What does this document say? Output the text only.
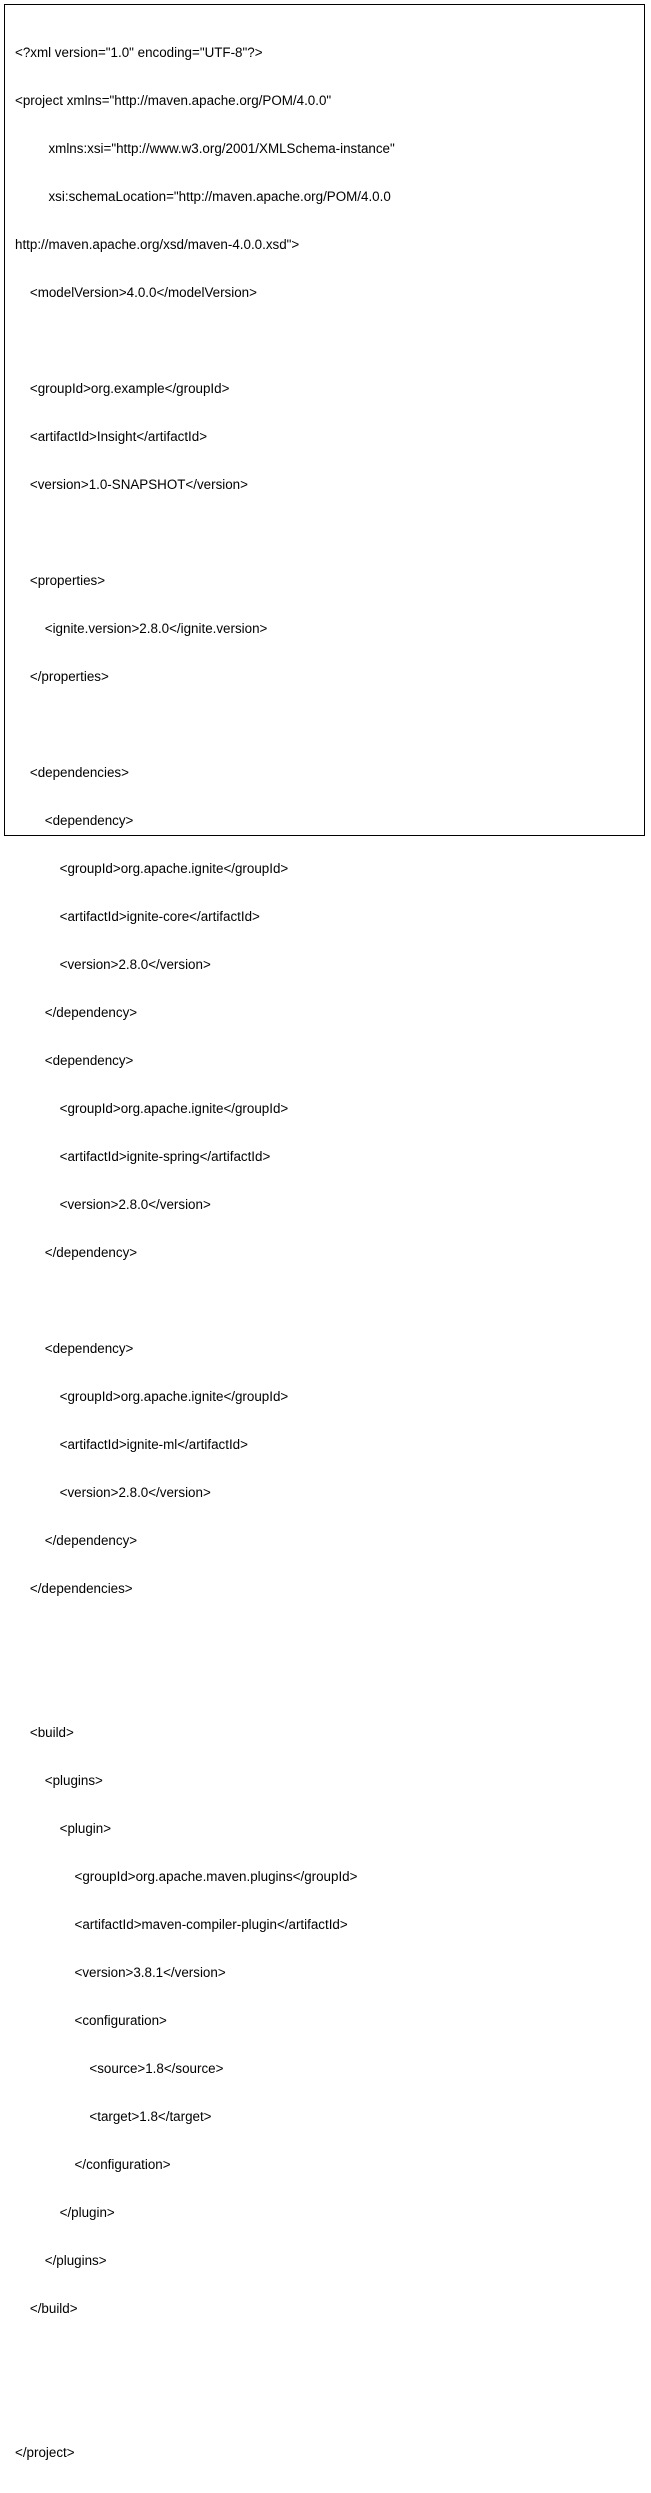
<?xml version="1.0" encoding="UTF-8"?>

<project xmlns="http://maven.apache.org/POM/4.0.0"

xmlns:xsi="http://www.w3.org/2001/XMLSchema-instance"

xsi:schemaLocation="http://maven.apache.org/POM/4.0.0

http://maven.apache.org/xsd/maven-4.0.0.xsd">

<modelVersion>4.0.0</modelVersion>

<groupId>org.example</groupId>

<artifactId>Insight</artifactId>

<version>1.0-SNAPSHOT</version>

<properties>

<ignite.version>2.8.0</ignite.version>

</properties>

<dependencies>

<dependency>

<groupId>org.apache.ignite</groupId>

<artifactId>ignite-core</artifactId>

<version>2.8.0</version>

</dependency>

<dependency>

<groupId>org.apache.ignite</groupId>

<artifactId>ignite-spring</artifactId>

<version>2.8.0</version>

</dependency>

<dependency>

<groupId>org.apache.ignite</groupId>

<artifactId>ignite-ml</artifactId>

<version>2.8.0</version>

</dependency>

</dependencies>

<build>

<plugins>

<plugin>

<groupId>org.apache.maven.plugins</groupId>

<artifactId>maven-compiler-plugin</artifactId>

<version>3.8.1</version>

<configuration>

<source>1.8</source>

<target>1.8</target>

</configuration>

</plugin>

</plugins>

</build>

</project>
